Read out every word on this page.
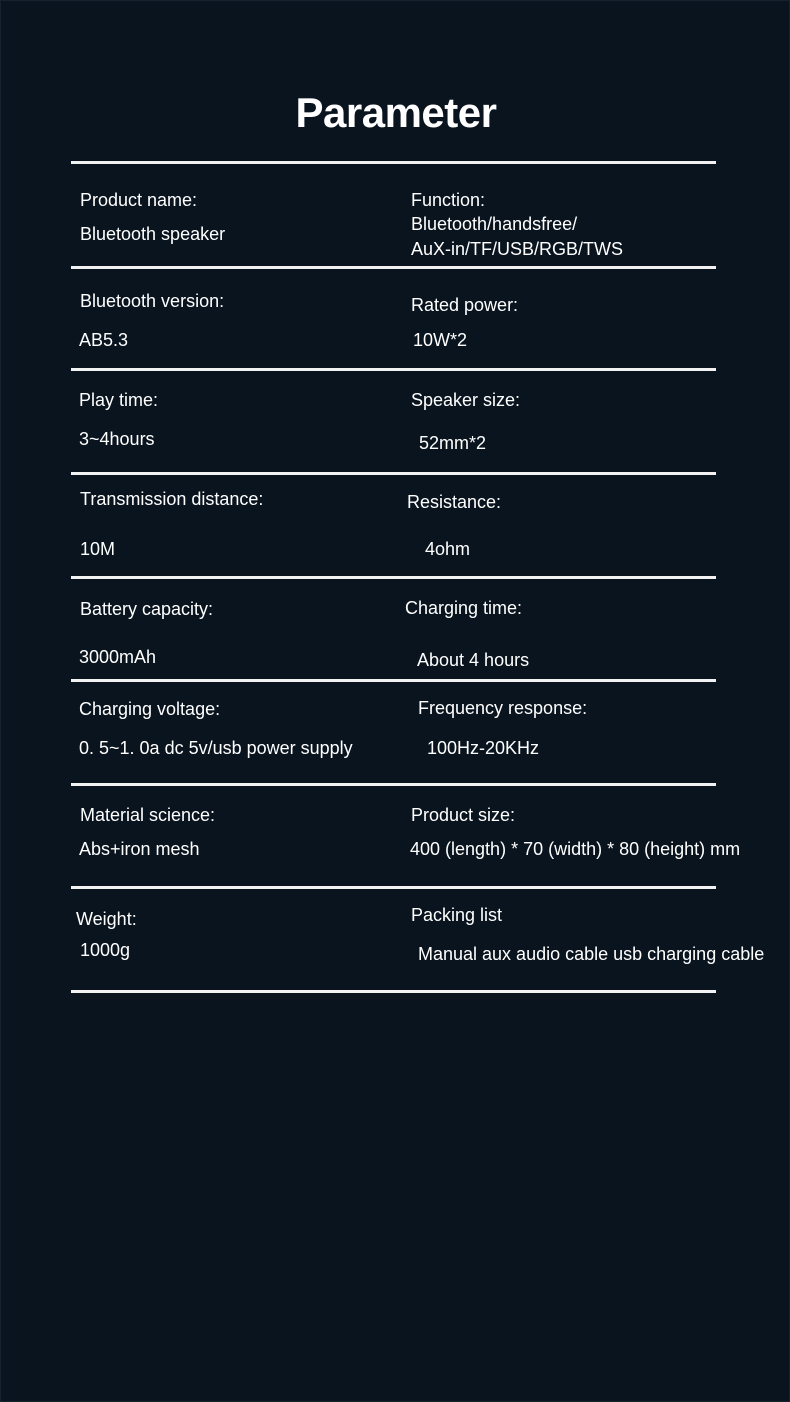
Parameter
Product name:
Bluetooth speaker
Function:
Bluetooth/handsfree/
AuX-in/TF/USB/RGB/TWS
Bluetooth version:
AB5.3
Rated power:
10W*2
Play time:
3~4hours
Speaker size:
52mm*2
Transmission distance:
10M
Resistance:
4ohm
Battery capacity:
3000mAh
Charging time:
About 4 hours
Charging voltage:
0. 5~1. 0a dc 5v/usb power supply
Frequency response:
100Hz-20KHz
Material science:
Abs+iron mesh
Product size:
400 (length) * 70 (width) * 80 (height) mm
Weight:
1000g
Packing list
Manual aux audio cable usb charging cable
